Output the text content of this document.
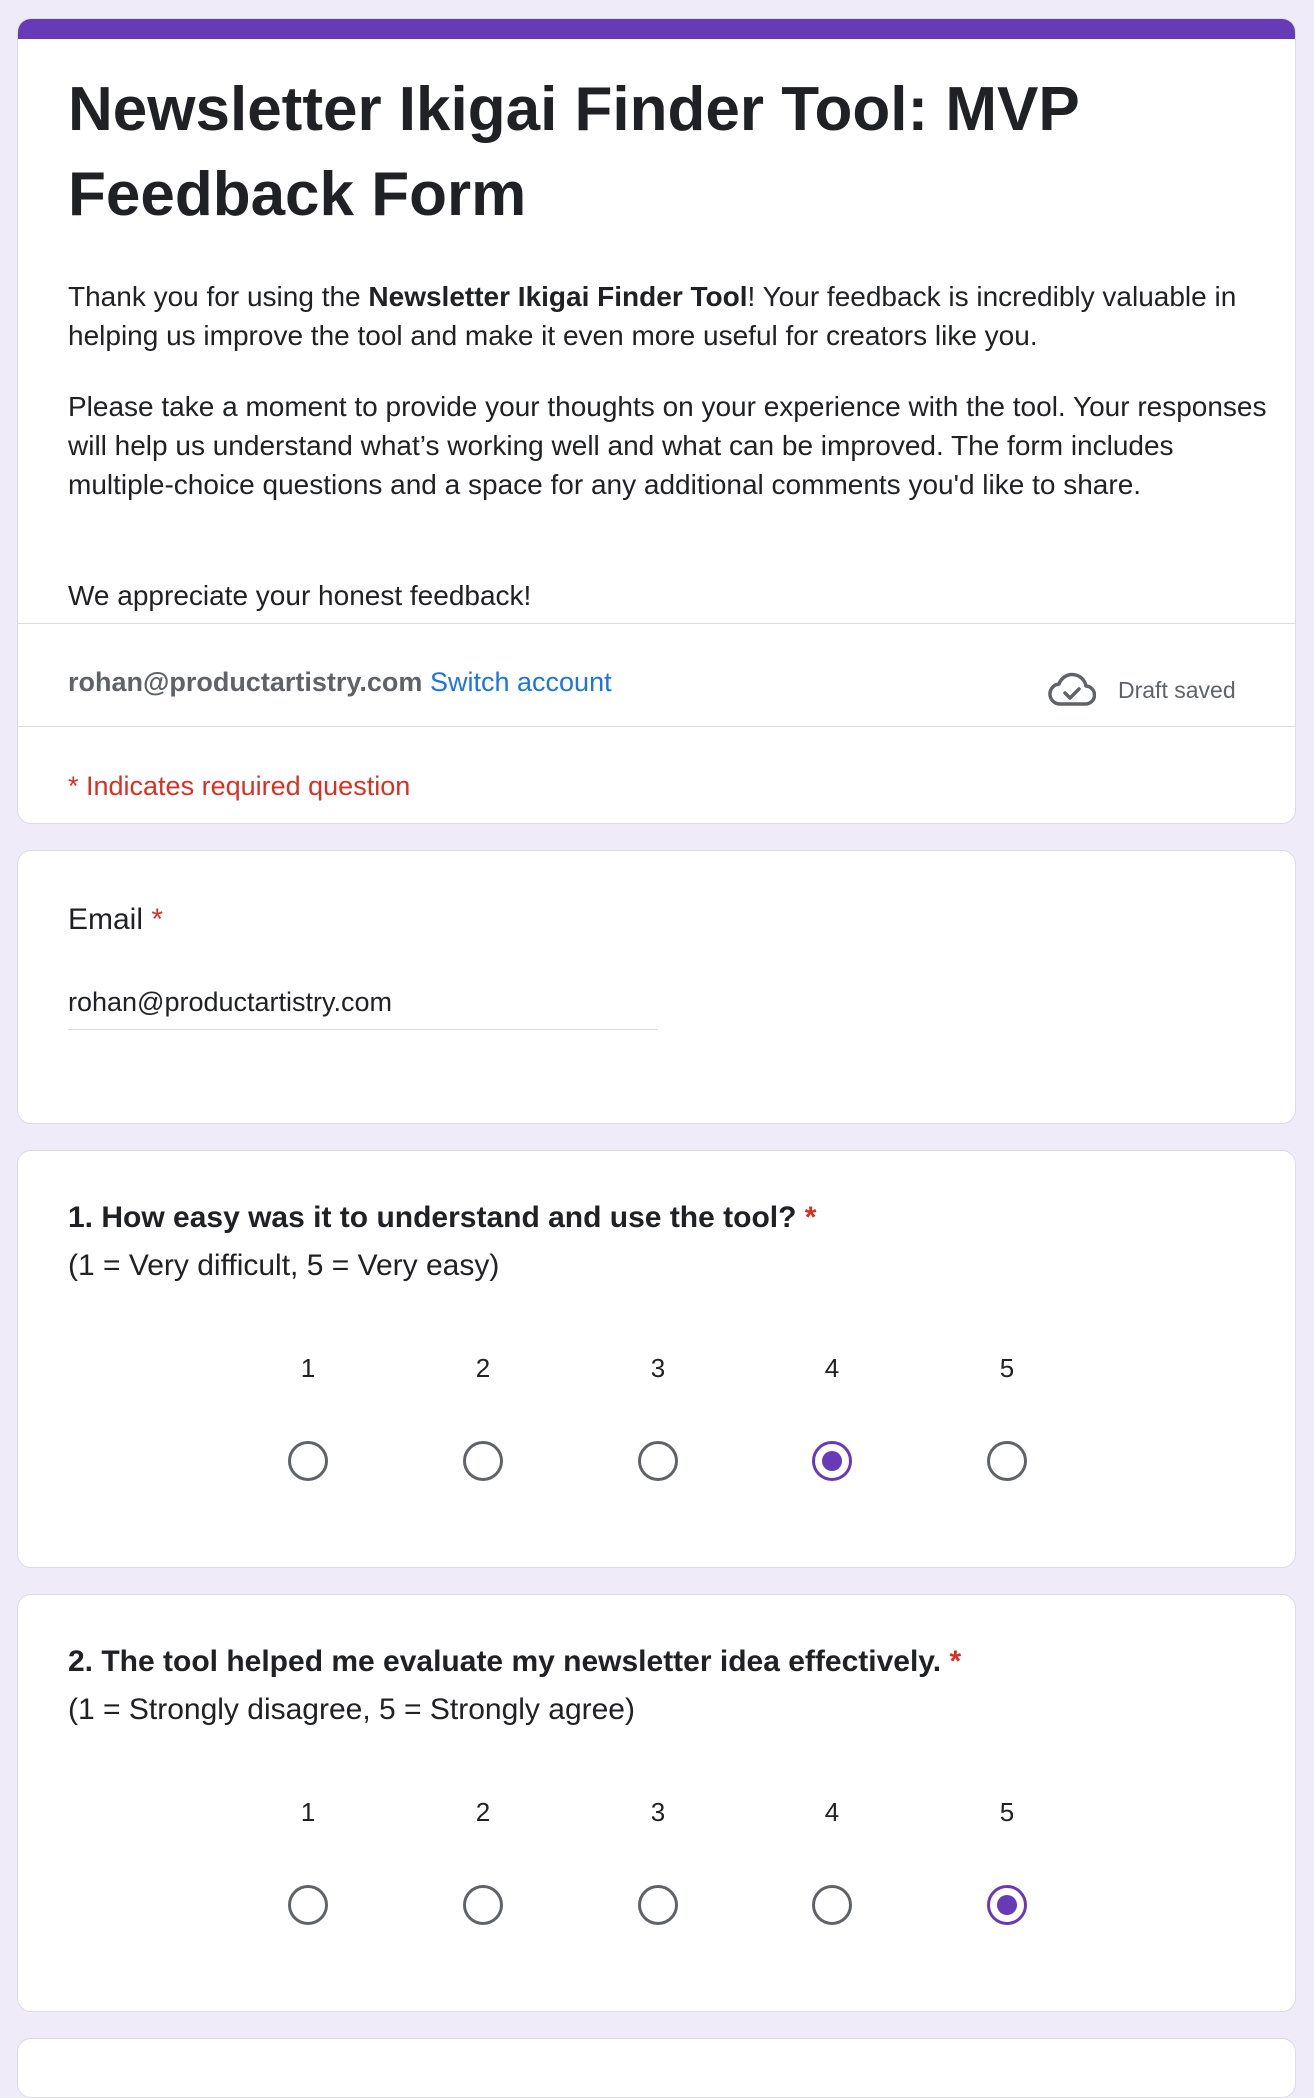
Newsletter Ikigai Finder Tool: MVP Feedback Form

Thank you for using the Newsletter Ikigai Finder Tool! Your feedback is incredibly valuable in helping us improve the tool and make it even more useful for creators like you.

Please take a moment to provide your thoughts on your experience with the tool. Your responses will help us understand what’s working well and what can be improved. The form includes multiple-choice questions and a space for any additional comments you'd like to share.

We appreciate your honest feedback!

rohan@productartistry.com Switch account	Draft saved
* Indicates required question
Email *
rohan@productartistry.com
1. How easy was it to understand and use the tool? *
(1 = Very difficult, 5 = Very easy)
1	2	3	4	5
2. The tool helped me evaluate my newsletter idea effectively. *
(1 = Strongly disagree, 5 = Strongly agree)
1	2	3	4	5
